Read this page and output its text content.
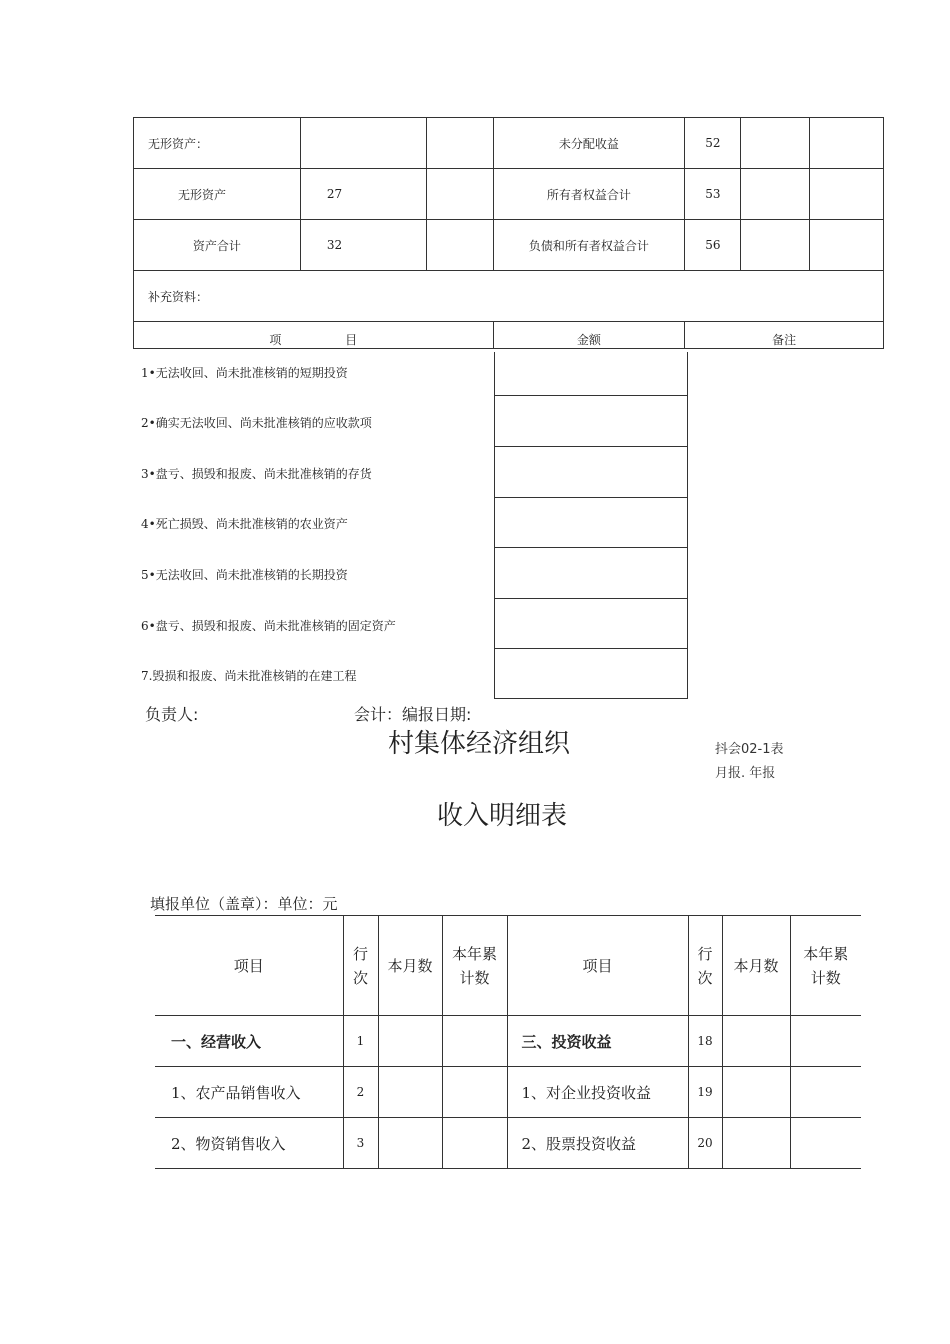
无形资产：			未分配收益	52		
无形资产	27		所有者权益合计	53		
资产合计	32		负债和所有者权益合计	56		
补充资料：						
项 目			金额	备注		
1•无法收回、尚未批准核销的短期投资
2•确实无法收回、尚未批准核销的应收款项
3•盘亏、损毁和报废、尚未批准核销的存货
4•死亡损毁、尚未批准核销的农业资产
5•无法收回、尚未批准核销的长期投资
6•盘亏、损毁和报废、尚未批准核销的固定资产
7.毁损和报废、尚未批准核销的在建工程
负责人:	会计：编报日期:
村集体经济组织	抖会02-1表
月报. 年报
收入明细表
填报单位（盖章）：单位：元
项目	行次	本月数	本年累计数	项目	行次	本月数	本年累计数
一、经营收入	1			三、投资收益	18		
1、农产品销售收入	2			1、对企业投资收益	19		
2、物资销售收入	3			2、股票投资收益	20		
